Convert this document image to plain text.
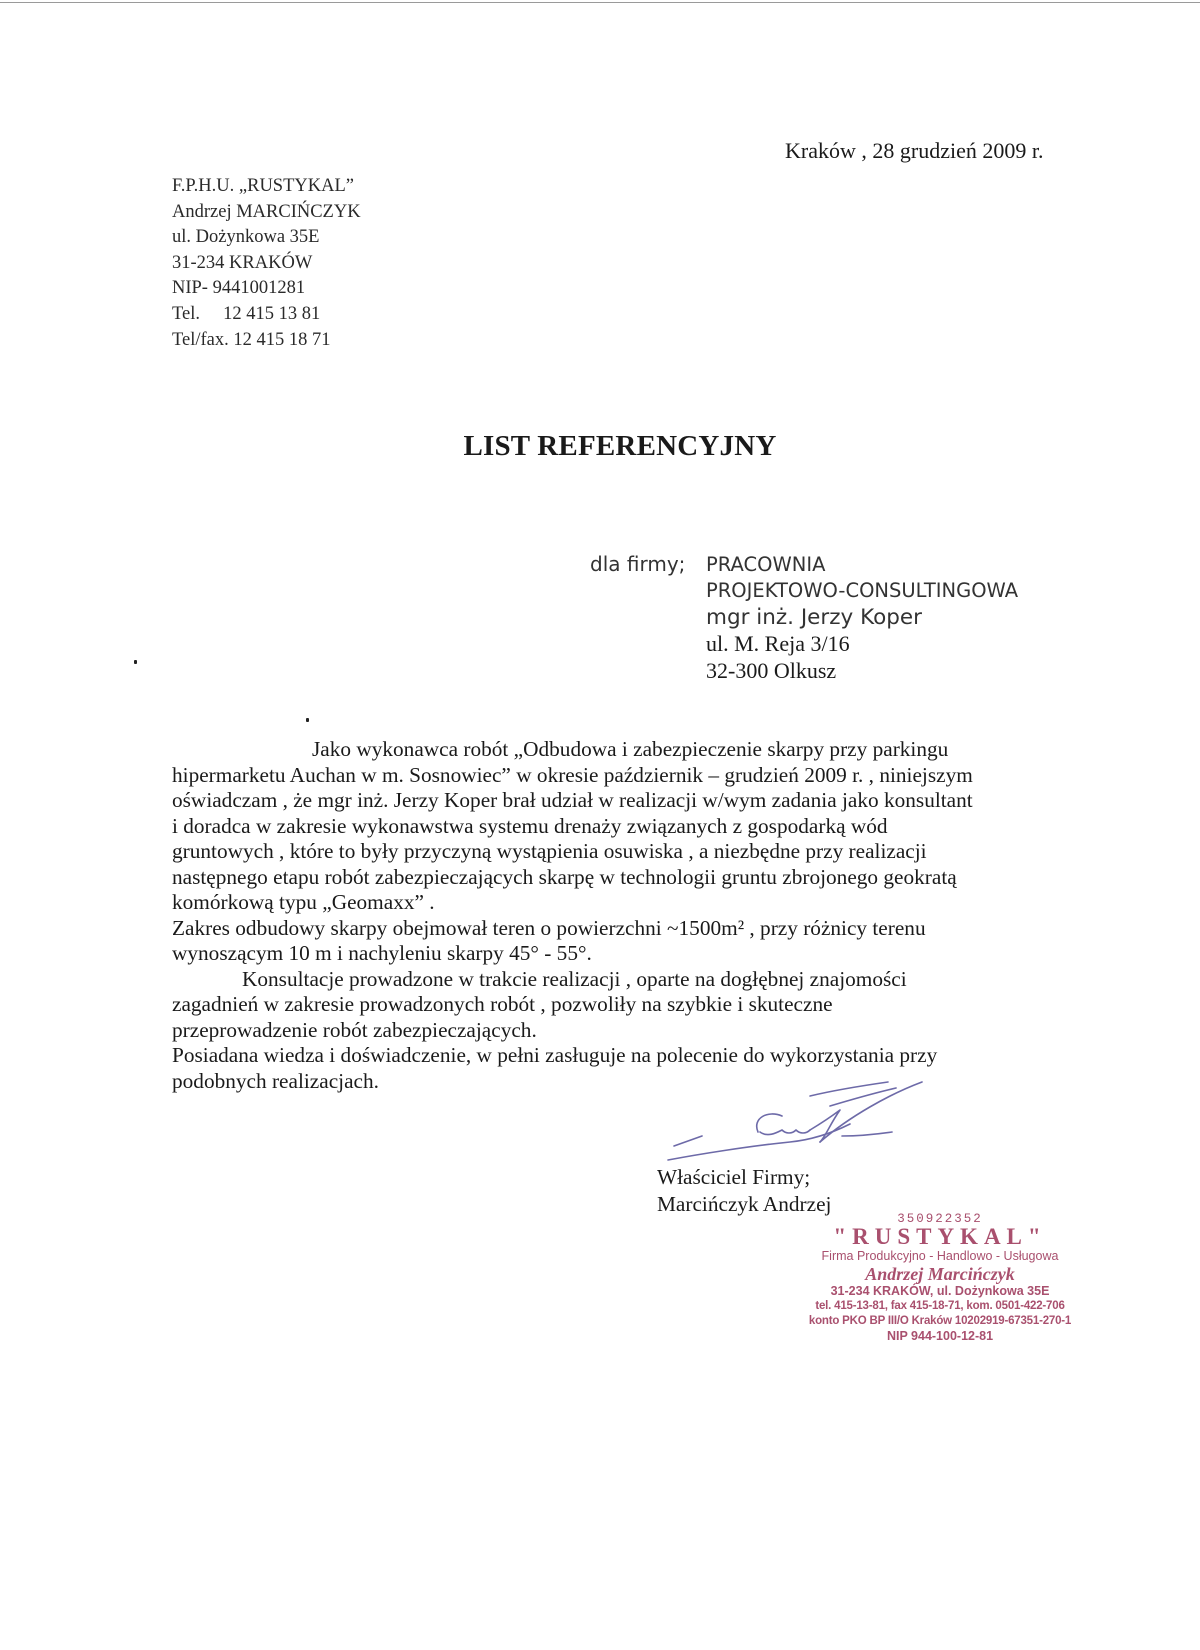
Kraków , 28 grudzień 2009 r.
F.P.H.U. „RUSTYKAL”
Andrzej MARCIŃCZYK
ul. Dożynkowa 35E
31-234 KRAKÓW
NIP- 9441001281
Tel.     12 415 13 81
Tel/fax. 12 415 18 71
LIST REFERENCYJNY
dla firmy; PRACOWNIA
PROJEKTOWO-CONSULTINGOWA
mgr inż. Jerzy Koper
ul. M. Reja 3/16
32-300 Olkusz

Jako wykonawca robót „Odbudowa i zabezpieczenie skarpy przy parkingu

hipermarketu Auchan w m. Sosnowiec” w okresie październik – grudzień 2009 r. , niniejszym

oświadczam , że mgr inż. Jerzy Koper brał udział w realizacji w/wym zadania jako konsultant

i doradca w zakresie wykonawstwa systemu drenaży związanych z gospodarką wód

gruntowych , które to były przyczyną wystąpienia osuwiska , a niezbędne przy realizacji

następnego etapu robót zabezpieczających skarpę w technologii gruntu zbrojonego geokratą

komórkową typu „Geomaxx” .

Zakres odbudowy skarpy obejmował teren o powierzchni ~1500m² , przy różnicy terenu

wynoszącym 10 m i nachyleniu skarpy 45° - 55°.

Konsultacje prowadzone w trakcie realizacji , oparte na dogłębnej znajomości

zagadnień w zakresie prowadzonych robót , pozwoliły na szybkie i skuteczne

przeprowadzenie robót zabezpieczających.

Posiadana wiedza i doświadczenie, w pełni zasługuje na polecenie do wykorzystania przy

podobnych realizacjach.

Właściciel Firmy;
Marcińczyk Andrzej
350922352
"RUSTYKAL"
Firma Produkcyjno - Handlowo - Usługowa
Andrzej Marcińczyk
31-234 KRAKÓW, ul. Dożynkowa 35E
tel. 415-13-81, fax 415-18-71, kom. 0501-422-706
konto PKO BP III/O Kraków 10202919-67351-270-1
NIP 944-100-12-81
